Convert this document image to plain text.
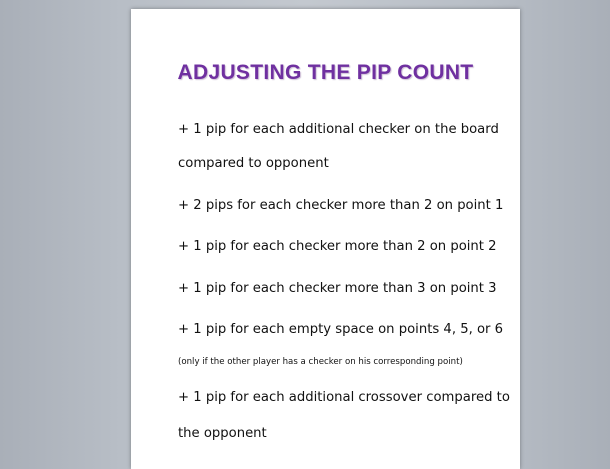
ADJUSTING THE PIP COUNT
+ 1 pip for each additional checker on the board
compared to opponent
+ 2 pips for each checker more than 2 on point 1
+ 1 pip for each checker more than 2 on point 2
+ 1 pip for each checker more than 3 on point 3
+ 1 pip for each empty space on points 4, 5, or 6
(only if the other player has a checker on his corresponding point)
+ 1 pip for each additional crossover compared to
the opponent
